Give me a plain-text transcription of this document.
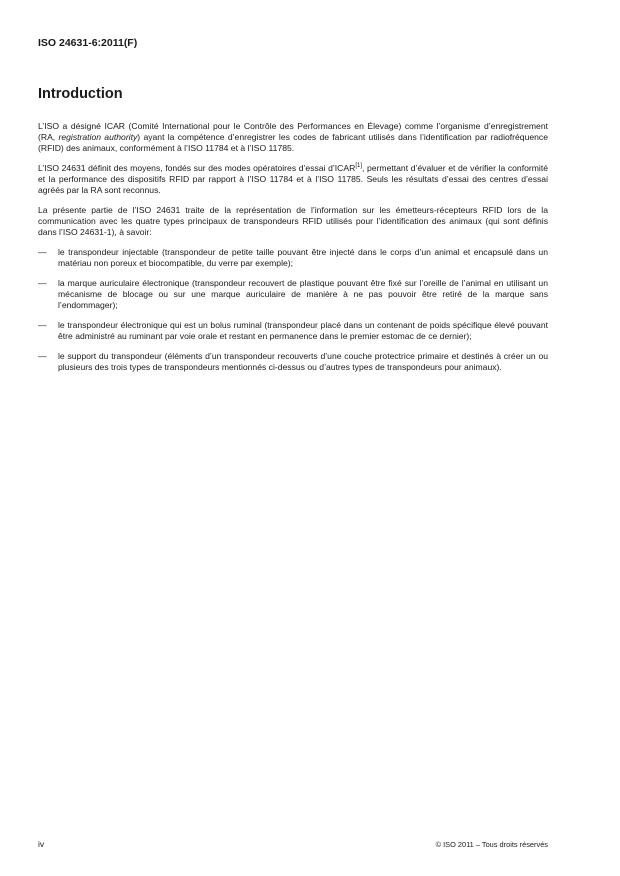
ISO 24631-6:2011(F)
Introduction

L’ISO a désigné ICAR (Comité International pour le Contrôle des Performances en Élevage) comme l’organisme d’enregistrement (RA, registration authority) ayant la compétence d’enregistrer les codes de fabricant utilisés dans l’identification par radiofréquence (RFID) des animaux, conformément à l’ISO 11784 et à l’ISO 11785.

L’ISO 24631 définit des moyens, fondés sur des modes opératoires d’essai d’ICAR[1], permettant d’évaluer et de vérifier la conformité et la performance des dispositifs RFID par rapport à l’ISO 11784 et à l’ISO 11785. Seuls les résultats d’essai des centres d’essai agréés par la RA sont reconnus.

La présente partie de l’ISO 24631 traite de la représentation de l’information sur les émetteurs-récepteurs RFID lors de la communication avec les quatre types principaux de transpondeurs RFID utilisés pour l’identification des animaux (qui sont définis dans l’ISO 24631-1), à savoir:

— le transpondeur injectable (transpondeur de petite taille pouvant être injecté dans le corps d’un animal et encapsulé dans un matériau non poreux et biocompatible, du verre par exemple);
— la marque auriculaire électronique (transpondeur recouvert de plastique pouvant être fixé sur l’oreille de l’animal en utilisant un mécanisme de blocage ou sur une marque auriculaire de manière à ne pas pouvoir être retiré de la marque sans l’endommager);
— le transpondeur électronique qui est un bolus ruminal (transpondeur placé dans un contenant de poids spécifique élevé pouvant être administré au ruminant par voie orale et restant en permanence dans le premier estomac de ce dernier);
— le support du transpondeur (éléments d’un transpondeur recouverts d’une couche protectrice primaire et destinés à créer un ou plusieurs des trois types de transpondeurs mentionnés ci-dessus ou d’autres types de transpondeurs pour animaux).
iv	© ISO 2011 – Tous droits réservés
